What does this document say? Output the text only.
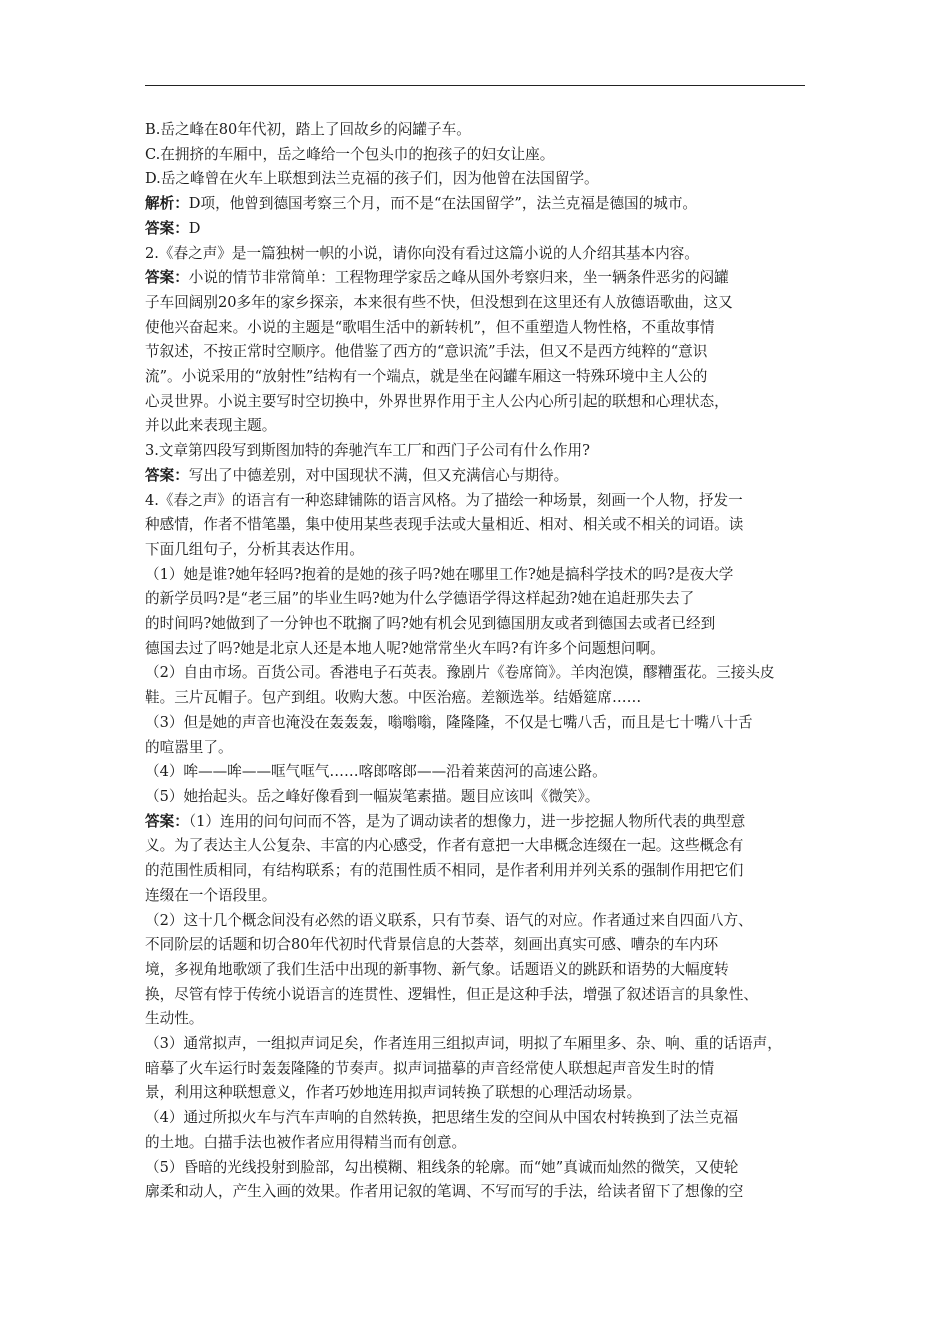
B.岳之峰在80年代初，踏上了回故乡的闷罐子车。

C.在拥挤的车厢中，岳之峰给一个包头巾的抱孩子的妇女让座。

D.岳之峰曾在火车上联想到法兰克福的孩子们，因为他曾在法国留学。

解析：D项，他曾到德国考察三个月，而不是“在法国留学”，法兰克福是德国的城市。

答案：D

2.《春之声》是一篇独树一帜的小说，请你向没有看过这篇小说的人介绍其基本内容。

答案：小说的情节非常简单：工程物理学家岳之峰从国外考察归来，坐一辆条件恶劣的闷罐

子车回阔别20多年的家乡探亲，本来很有些不快，但没想到在这里还有人放德语歌曲，这又

使他兴奋起来。小说的主题是“歌唱生活中的新转机”，但不重塑造人物性格，不重故事情

节叙述，不按正常时空顺序。他借鉴了西方的“意识流”手法，但又不是西方纯粹的“意识

流”。小说采用的“放射性”结构有一个端点，就是坐在闷罐车厢这一特殊环境中主人公的

心灵世界。小说主要写时空切换中，外界世界作用于主人公内心所引起的联想和心理状态，

并以此来表现主题。

3.文章第四段写到斯图加特的奔驰汽车工厂和西门子公司有什么作用?

答案：写出了中德差别，对中国现状不满，但又充满信心与期待。

4.《春之声》的语言有一种恣肆铺陈的语言风格。为了描绘一种场景，刻画一个人物，抒发一

种感情，作者不惜笔墨，集中使用某些表现手法或大量相近、相对、相关或不相关的词语。读

下面几组句子，分析其表达作用。

（1）她是谁?她年轻吗?抱着的是她的孩子吗?她在哪里工作?她是搞科学技术的吗?是夜大学

的新学员吗?是“老三届”的毕业生吗?她为什么学德语学得这样起劲?她在追赶那失去了

的时间吗?她做到了一分钟也不耽搁了吗?她有机会见到德国朋友或者到德国去或者已经到

德国去过了吗?她是北京人还是本地人呢?她常常坐火车吗?有许多个问题想问啊。

（2）自由市场。百货公司。香港电子石英表。豫剧片《卷席筒》。羊肉泡馍，醪糟蛋花。三接头皮

鞋。三片瓦帽子。包产到组。收购大葱。中医治癌。差额选举。结婚筵席……

（3）但是她的声音也淹没在轰轰轰，嗡嗡嗡，隆隆隆，不仅是七嘴八舌，而且是七十嘴八十舌

的喧嚣里了。

（4）哞——哞——哐气哐气……喀郎喀郎——沿着莱茵河的高速公路。

（5）她抬起头。岳之峰好像看到一幅炭笔素描。题目应该叫《微笑》。

答案：（1）连用的问句问而不答，是为了调动读者的想像力，进一步挖掘人物所代表的典型意

义。为了表达主人公复杂、丰富的内心感受，作者有意把一大串概念连缀在一起。这些概念有

的范围性质相同，有结构联系；有的范围性质不相同，是作者利用并列关系的强制作用把它们

连缀在一个语段里。

（2）这十几个概念间没有必然的语义联系，只有节奏、语气的对应。作者通过来自四面八方、

不同阶层的话题和切合80年代初时代背景信息的大荟萃，刻画出真实可感、嘈杂的车内环

境，多视角地歌颂了我们生活中出现的新事物、新气象。话题语义的跳跃和语势的大幅度转

换，尽管有悖于传统小说语言的连贯性、逻辑性，但正是这种手法，增强了叙述语言的具象性、

生动性。

（3）通常拟声，一组拟声词足矣，作者连用三组拟声词，明拟了车厢里多、杂、响、重的话语声，

暗摹了火车运行时轰轰隆隆的节奏声。拟声词描摹的声音经常使人联想起声音发生时的情

景，利用这种联想意义，作者巧妙地连用拟声词转换了联想的心理活动场景。

（4）通过所拟火车与汽车声响的自然转换，把思绪生发的空间从中国农村转换到了法兰克福

的土地。白描手法也被作者应用得精当而有创意。

（5）昏暗的光线投射到脸部，勾出模糊、粗线条的轮廓。而“她”真诚而灿然的微笑，又使轮

廓柔和动人，产生入画的效果。作者用记叙的笔调、不写而写的手法，给读者留下了想像的空
